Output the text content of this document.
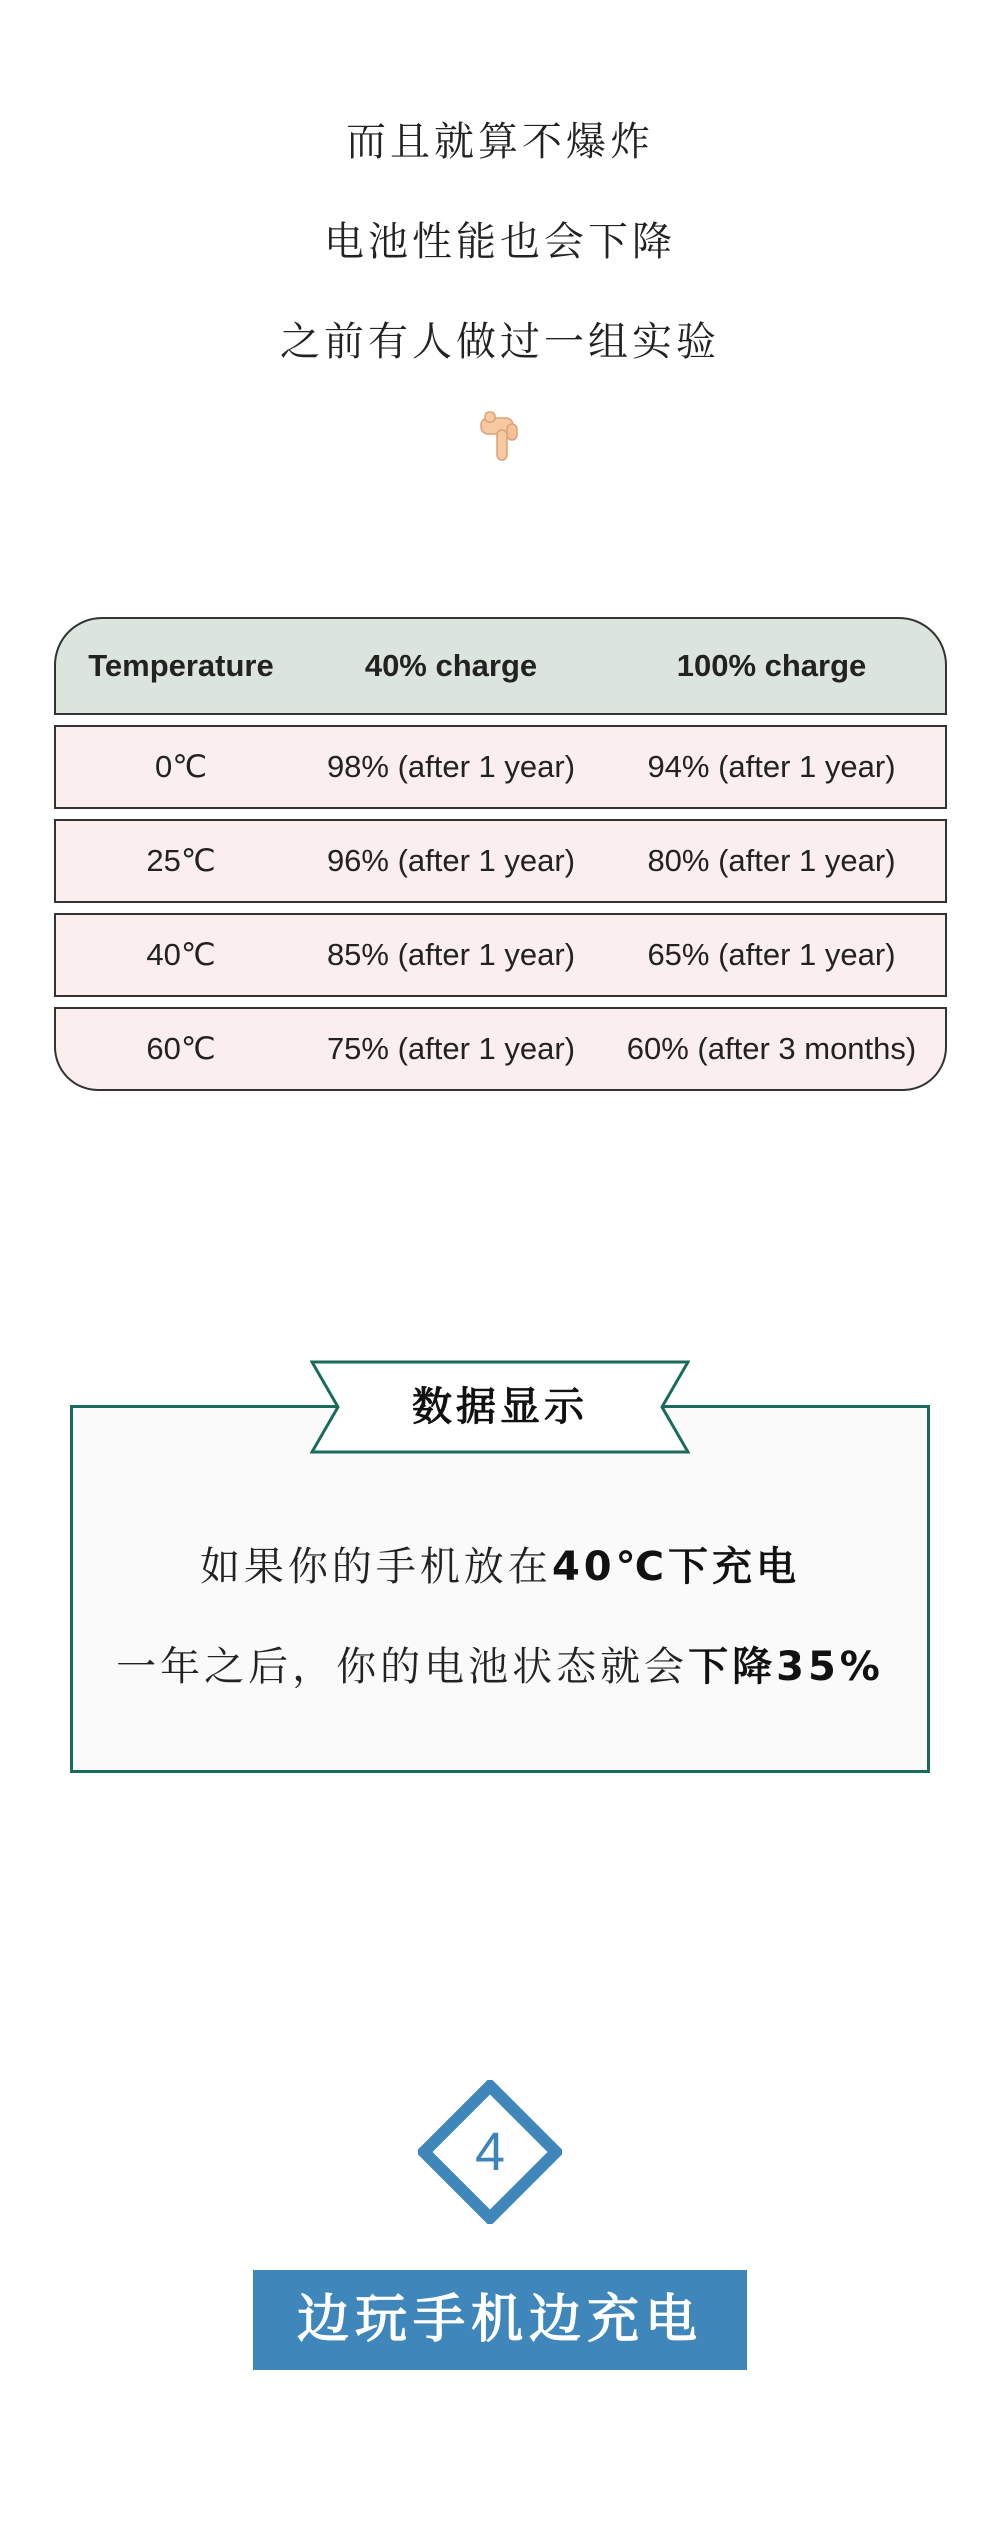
而且就算不爆炸
电池性能也会下降
之前有人做过一组实验
Temperature	40% charge	100% charge
0℃	98% (after 1 year)	94% (after 1 year)
25℃	96% (after 1 year)	80% (after 1 year)
40℃	85% (after 1 year)	65% (after 1 year)
60℃	75% (after 1 year)	60% (after 3 months)
数据显示
如果你的手机放在40℃下充电
一年之后，你的电池状态就会下降35%
4
边玩手机边充电
